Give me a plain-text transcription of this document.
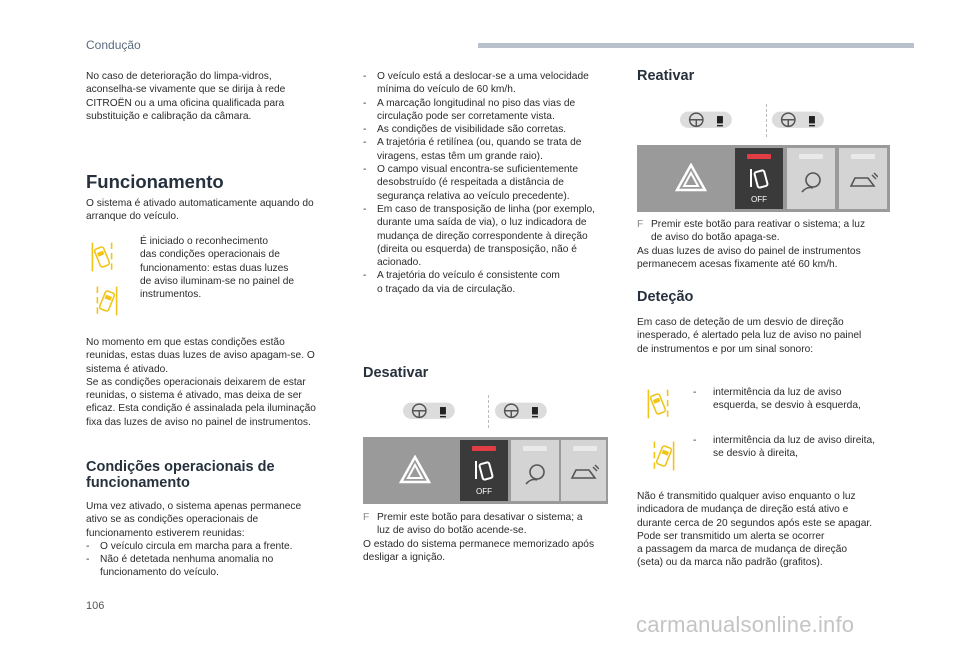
Condução
No caso de deterioração do limpa-vidros,
aconselha-se vivamente que se dirija à rede
CITROËN ou a uma oficina qualificada para
substituição e calibração da câmara.
Funcionamento
O sistema é ativado automaticamente aquando do
arranque do veículo.
É iniciado o reconhecimento
das condições operacionais de
funcionamento: estas duas luzes
de aviso iluminam-se no painel de
instrumentos.
No momento em que estas condições estão
reunidas, estas duas luzes de aviso apagam-se. O
sistema é ativado.
Se as condições operacionais deixarem de estar
reunidas, o sistema é ativado, mas deixa de ser
eficaz. Esta condição é assinalada pela iluminação
fixa das luzes de aviso no painel de instrumentos.
Condições operacionais de
funcionamento
Uma vez ativado, o sistema apenas permanece
ativo se as condições operacionais de
funcionamento estiverem reunidas:
-	O veículo circula em marcha para a frente.
-	Não é detetada nenhuma anomalia no
funcionamento do veículo.
-	O veículo está a deslocar-se a uma velocidade
mínima do veículo de 60 km/h.
-	A marcação longitudinal no piso das vias de
circulação pode ser corretamente vista.
-	As condições de visibilidade são corretas.
-	A trajetória é retilínea (ou, quando se trata de
viragens, estas têm um grande raio).
-	O campo visual encontra-se suficientemente
desobstruído (é respeitada a distância de
segurança relativa ao veículo precedente).
-	Em caso de transposição de linha (por exemplo,
durante uma saída de via), o luz indicadora de
mudança de direção correspondente à direção
(direita ou esquerda) de transposição, não é
acionado.
-	A trajetória do veículo é consistente com
o traçado da via de circulação.
Desativar
OFF
F Premir este botão para desativar o sistema; a
luz de aviso do botão acende-se.
O estado do sistema permanece memorizado após
desligar a ignição.
Reativar
OFF
F Premir este botão para reativar o sistema; a luz
de aviso do botão apaga-se.
As duas luzes de aviso do painel de instrumentos
permanecem acesas fixamente até 60 km/h.
Deteção
Em caso de deteção de um desvio de direção
inesperado, é alertado pela luz de aviso no painel
de instrumentos e por um sinal sonoro:
-	intermitência da luz de aviso
esquerda, se desvio à esquerda,
-	intermitência da luz de aviso direita,
se desvio à direita,
Não é transmitido qualquer aviso enquanto o luz
indicadora de mudança de direção está ativo e
durante cerca de 20 segundos após este se apagar.
Pode ser transmitido um alerta se ocorrer
a passagem da marca de mudança de direção
(seta) ou da marca não padrão (grafitos).
106
carmanualsonline.info
